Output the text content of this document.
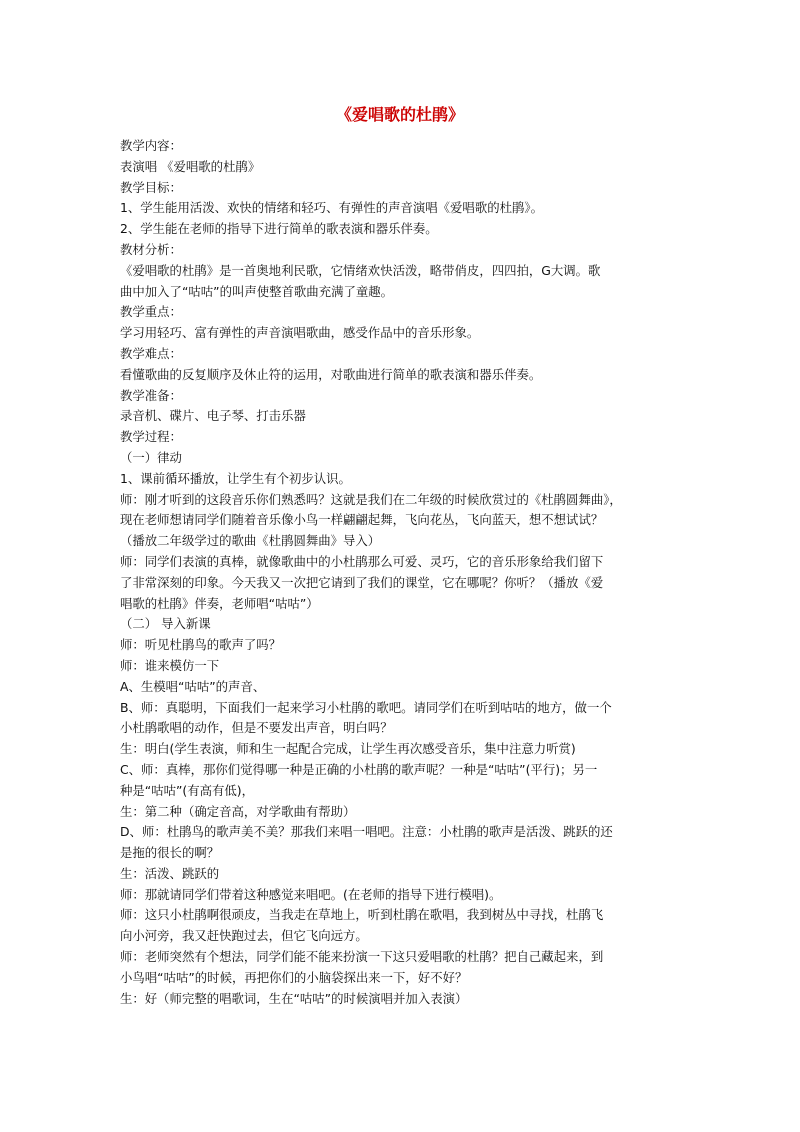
《爱唱歌的杜鹃》
教学内容：
表演唱 《爱唱歌的杜鹃》
教学目标：
1、学生能用活泼、欢快的情绪和轻巧、有弹性的声音演唱《爱唱歌的杜鹃》。
2、学生能在老师的指导下进行简单的歌表演和器乐伴奏。
教材分析：
《爱唱歌的杜鹃》是一首奥地利民歌，它情绪欢快活泼，略带俏皮，四四拍，G大调。歌
曲中加入了“咕咕”的叫声使整首歌曲充满了童趣。
教学重点：
学习用轻巧、富有弹性的声音演唱歌曲，感受作品中的音乐形象。
教学难点：
看懂歌曲的反复顺序及休止符的运用，对歌曲进行简单的歌表演和器乐伴奏。
教学准备：
录音机、碟片、电子琴、打击乐器
教学过程：
（一）律动
1、课前循环播放，让学生有个初步认识。
师：刚才听到的这段音乐你们熟悉吗？这就是我们在二年级的时候欣赏过的《杜鹃圆舞曲》，
现在老师想请同学们随着音乐像小鸟一样翩翩起舞，飞向花丛，飞向蓝天，想不想试试？
（播放二年级学过的歌曲《杜鹃圆舞曲》导入）
师：同学们表演的真棒，就像歌曲中的小杜鹃那么可爱、灵巧，它的音乐形象给我们留下
了非常深刻的印象。今天我又一次把它请到了我们的课堂，它在哪呢？你听？（播放《爱
唱歌的杜鹃》伴奏，老师唱“咕咕”）
（二） 导入新课
师：听见杜鹃鸟的歌声了吗？
师：谁来模仿一下
A、生模唱“咕咕”的声音、
B、师：真聪明，下面我们一起来学习小杜鹃的歌吧。请同学们在听到咕咕的地方，做一个
小杜鹃歌唱的动作，但是不要发出声音，明白吗？
生：明白(学生表演，师和生一起配合完成，让学生再次感受音乐，集中注意力听赏)
C、师：真棒，那你们觉得哪一种是正确的小杜鹃的歌声呢？一种是“咕咕”(平行)；另一
种是“咕咕”(有高有低)，
生：第二种（确定音高，对学歌曲有帮助）
D、师：杜鹃鸟的歌声美不美？那我们来唱一唱吧。注意：小杜鹃的歌声是活泼、跳跃的还
是拖的很长的啊？
生：活泼、跳跃的
师：那就请同学们带着这种感觉来唱吧。(在老师的指导下进行模唱)。
师：这只小杜鹃啊很顽皮，当我走在草地上，听到杜鹃在歌唱，我到树丛中寻找，杜鹃飞
向小河旁，我又赶快跑过去，但它飞向远方。
师：老师突然有个想法，同学们能不能来扮演一下这只爱唱歌的杜鹃？把自己藏起来，到
小鸟唱“咕咕”的时候，再把你们的小脑袋探出来一下，好不好？
生：好（师完整的唱歌词，生在“咕咕”的时候演唱并加入表演）
